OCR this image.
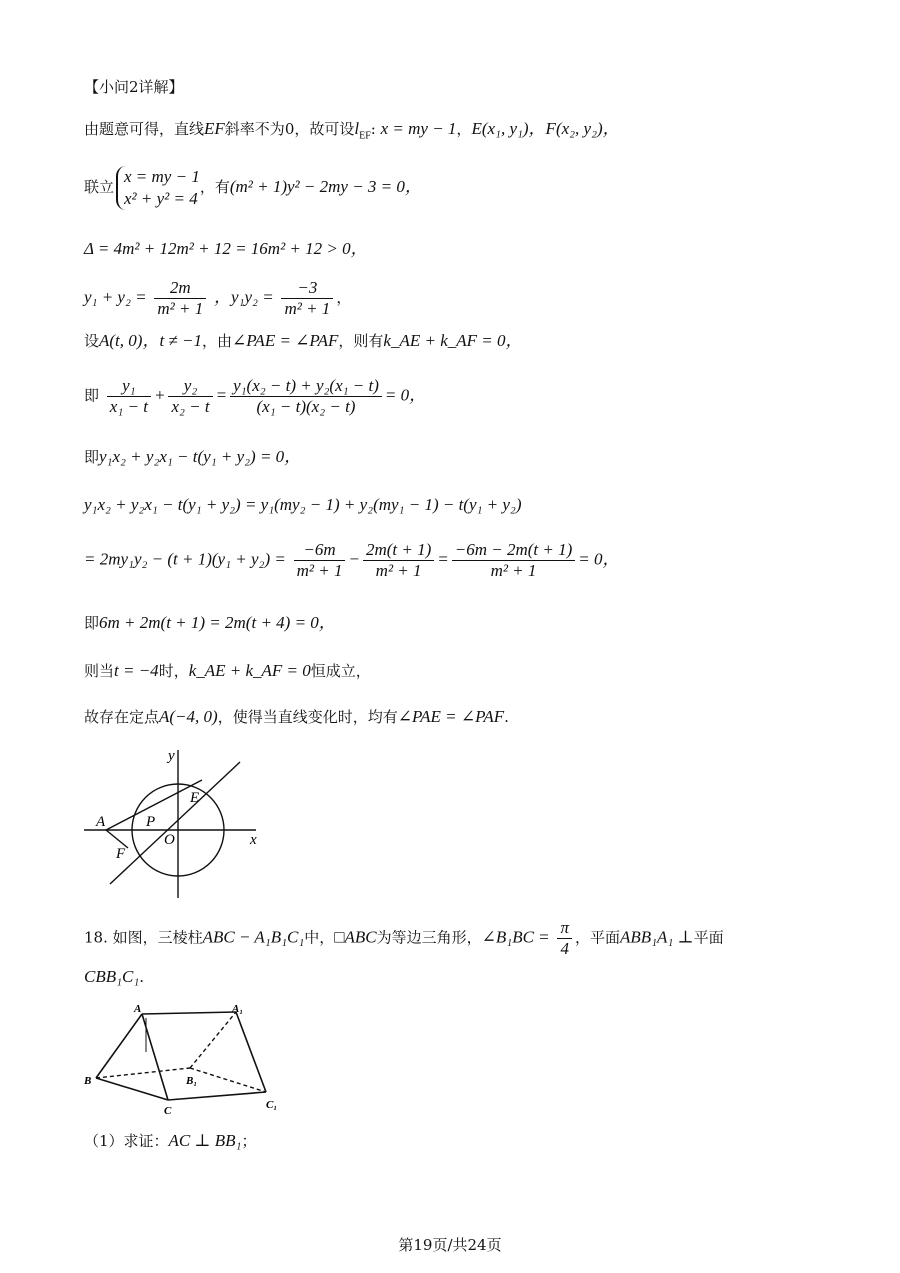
【小问2详解】
由题意可得，直线EF斜率不为0，故可设$l_{EF}$: x = my − 1，E(x₁, y₁)，F(x₂, y₂)，
联立
x = my − 1
x² + y² = 4
，有(m² + 1)y² − 2my − 3 = 0，
Δ = 4m² + 12m² + 12 = 16m² + 12 > 0，
$y_1 + y_2 = \frac{2m}{\text{m² + 1}}$ ，$y_1y_2 = \frac{-3}{\text{m² + 1}}$ ，
设A(t, 0)，t ≠ −1，由∠PAE = ∠PAF，则有k_AE + k_AF = 0，
即 $\frac{\text{y₁}}{\text{x₁ − t}} + \frac{\text{y₂}}{\text{x₂ − t}} = \frac{\text{y₁(x₂ − t) + y₂(x₁ − t)}}{\text{(x₁ − t)(x₂ − t)}} = 0$，
即y₁x₂ + y₂x₁ − t(y₁ + y₂) = 0，
y₁x₂ + y₂x₁ − t(y₁ + y₂) = y₁(my₂ − 1) + y₂(my₁ − 1) − t(y₁ + y₂)
= $2my_1y_2 - (t + 1)(y_1 + y_2) = \frac{-6m}{\text{m² + 1}} - \frac{2m(t + 1)}{\text{m² + 1}} = \frac{-6m - 2m(t + 1)}{\text{m² + 1}} = 0$，
即6m + 2m(t + 1) = 2m(t + 4) = 0，
则当t = −4时，k_AE + k_AF = 0恒成立，
故存在定点A(−4, 0)，使得当直线变化时，均有∠PAE = ∠PAF.
A	P
O
E
F
x
y
18. 如图，三棱柱ABC − A₁B₁C₁中，□ABC为等边三角形，∠B₁BC = $\frac{\pi}{4}$ ，平面ABB₁A₁ ⊥平面
CBB₁C₁.
A	A₁
B	B₁
C	C₁
（1）求证：AC ⊥ BB₁；
第19页/共24页
